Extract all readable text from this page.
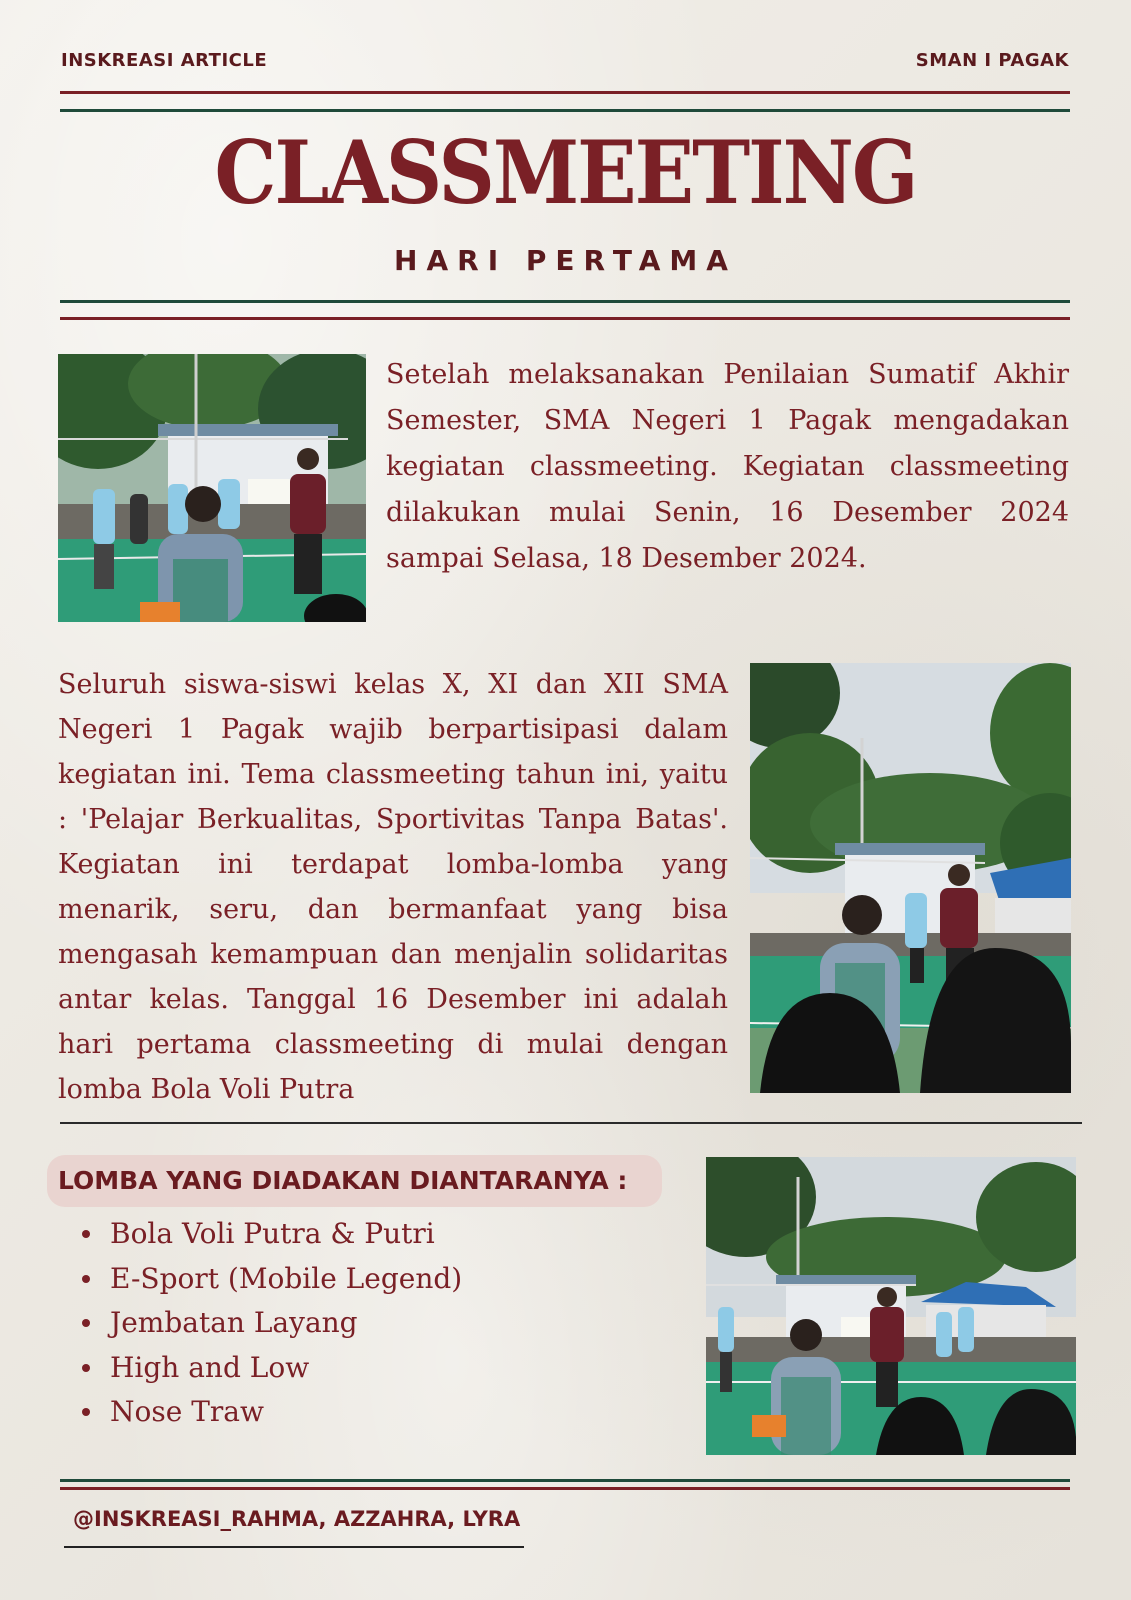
INSKREASI ARTICLE	SMAN I PAGAK
CLASSMEETING
HARI PERTAMA

Setelah melaksanakan Penilaian Sumatif Akhir Semester, SMA Negeri 1 Pagak mengadakan kegiatan classmeeting. Kegiatan classmeeting dilakukan mulai Senin, 16 Desember 2024 sampai Selasa, 18 Desember 2024.

Seluruh siswa-siswi kelas X, XI dan XII SMA Negeri 1 Pagak wajib berpartisipasi dalam kegiatan ini. Tema classmeeting tahun ini, yaitu : 'Pelajar Berkualitas, Sportivitas Tanpa Batas'. Kegiatan ini terdapat lomba-lomba yang menarik, seru, dan bermanfaat yang bisa mengasah kemampuan dan menjalin solidaritas antar kelas. Tanggal 16 Desember ini adalah hari pertama classmeeting di mulai dengan lomba Bola Voli Putra

LOMBA YANG DIADAKAN DIANTARANYA :
Bola Voli Putra & Putri
E-Sport (Mobile Legend)
Jembatan Layang
High and Low
Nose Traw
@INSKREASI_RAHMA, AZZAHRA, LYRA
